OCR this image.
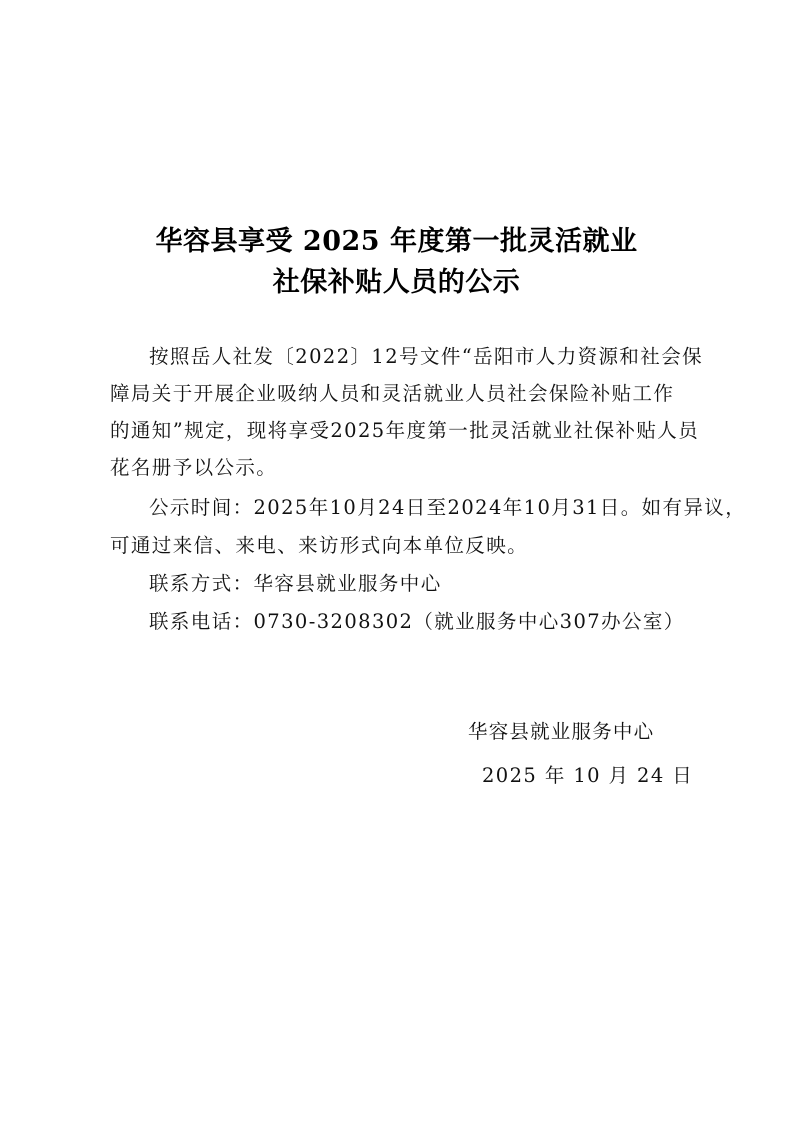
华容县享受 2025 年度第一批灵活就业
社保补贴人员的公示
按照岳人社发〔2022〕12号文件“岳阳市人力资源和社会保
障局关于开展企业吸纳人员和灵活就业人员社会保险补贴工作
的通知”规定，现将享受2025年度第一批灵活就业社保补贴人员
花名册予以公示。
公示时间：2025年10月24日至2024年10月31日。如有异议，
可通过来信、来电、来访形式向本单位反映。
联系方式：华容县就业服务中心
联系电话：0730-3208302（就业服务中心307办公室）
华容县就业服务中心
2025 年 10 月 24 日
